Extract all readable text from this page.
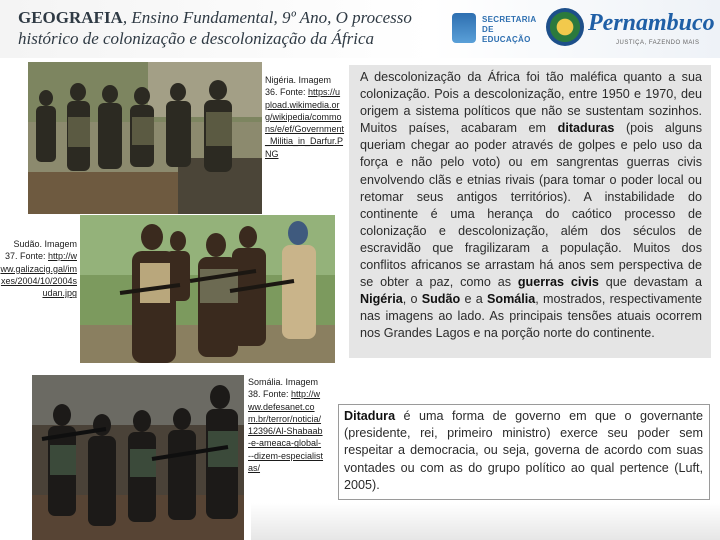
GEOGRAFIA, Ensino Fundamental, 9º Ano, O processo
histórico de colonização e descolonização da África
SECRETARIA DE EDUCAÇÃO
Pernambuco
JUSTIÇA, FAZENDO MAIS
Nigéria. Imagem 36. Fonte: https://upload.wikimedia.org/wikipedia/commons/e/ef/Government_Militia_in_Darfur.PNG
Sudão. Imagem 37. Fonte: http://www.galizacig.gal/imxes/2004/10/2004sudan.jpg
Somália. Imagem 38. Fonte: http://www.defesanet.com.br/terror/noticia/12396/Al-Shabaab-e-ameaca-global---dizem-especialistas/

A descolonização da África foi tão maléfica quanto a sua colonização. Pois a descolonização, entre 1950 e 1970, deu origem a sistema políticos que não se sustentam sozinhos. Muitos países, acabaram em ditaduras (pois alguns queriam chegar ao poder através de golpes e pelo uso da força e não pelo voto) ou em sangrentas guerras civis envolvendo clãs e etnias rivais (para tomar o poder local ou retomar seus antigos territórios). A instabilidade do continente é uma herança do caótico processo de colonização e descolonização, além dos séculos de escravidão que fragilizaram a população. Muitos dos conflitos africanos se arrastam há anos sem perspectiva de se obter a paz, como as guerras civis que devastam a Nigéria, o Sudão e a Somália, mostrados, respectivamente nas imagens ao lado. As principais tensões atuais ocorrem nos Grandes Lagos e na porção norte do continente.

Ditadura é uma forma de governo em que o governante (presidente, rei, primeiro ministro) exerce seu poder sem respeitar a democracia, ou seja, governa de acordo com suas vontades ou com as do grupo político ao qual pertence (Luft, 2005).
